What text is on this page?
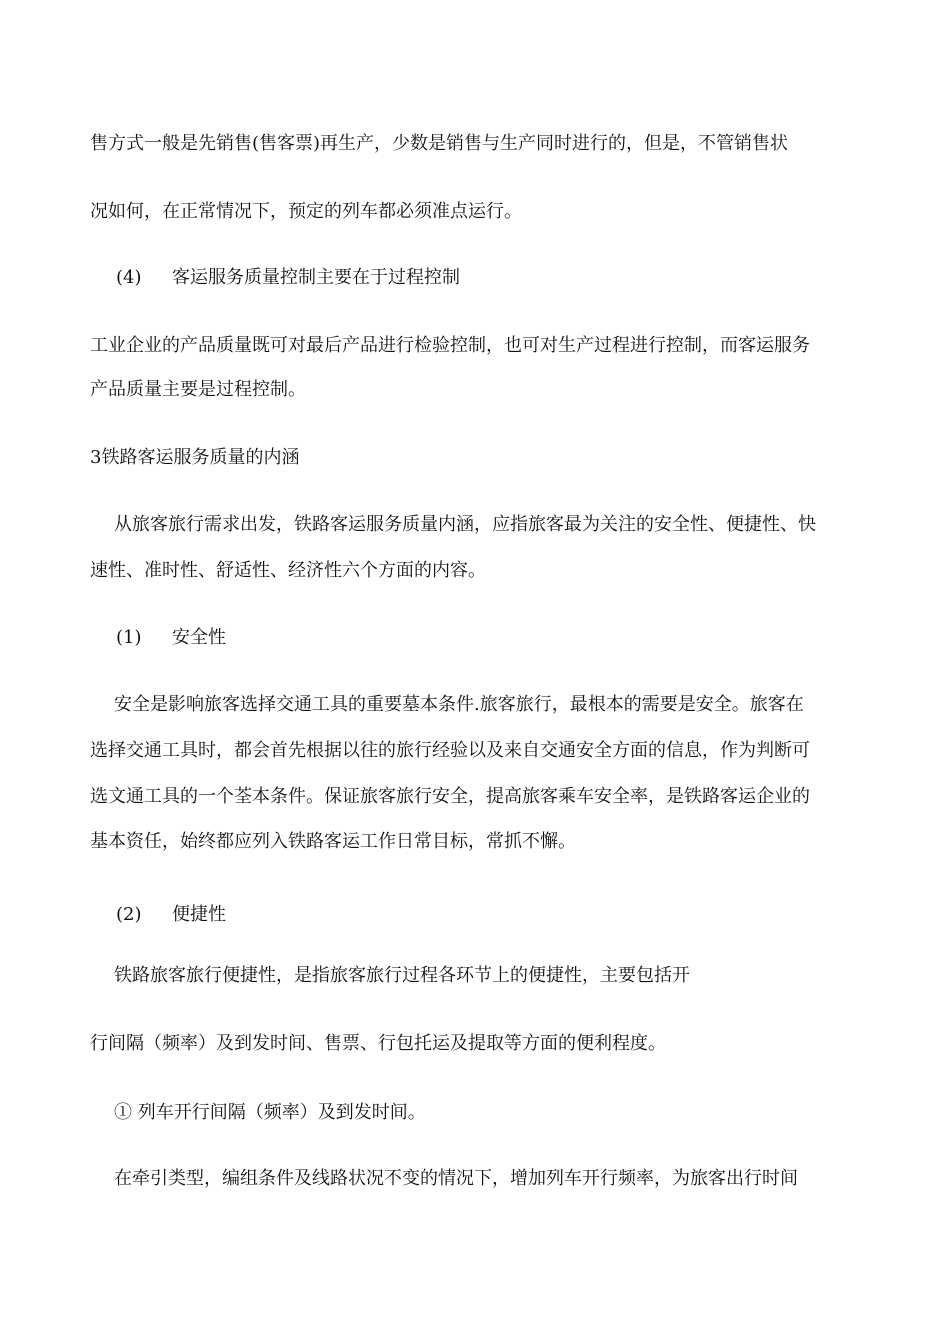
售方式一般是先销售(售客票)再生产，少数是销售与生产同时进行的，但是，不管销售状
况如何，在正常情况下，预定的列车都必须准点运行。
(4) 客运服务质量控制主要在于过程控制
工业企业的产品质量既可对最后产品进行检验控制，也可对生产过程进行控制，而客运服务
产品质量主要是过程控制。
3铁路客运服务质量的内涵
从旅客旅行需求出发，铁路客运服务质量内涵，应指旅客最为关注的安全性、便捷性、快
速性、准时性、舒适性、经济性六个方面的内容。
(1) 安全性
安全是影响旅客选择交通工具的重要墓本条件.旅客旅行，最根本的需要是安全。旅客在
选择交通工具时，都会首先根据以往的旅行经验以及来自交通安全方面的信息，作为判断可
选文通工具的一个荃本条件。保证旅客旅行安全，提高旅客乘车安全率，是铁路客运企业的
基本资任，始终都应列入铁路客运工作日常目标，常抓不懈。
(2) 便捷性
铁路旅客旅行便捷性，是指旅客旅行过程各环节上的便捷性，主要包括开
行间隔（频率）及到发时间、售票、行包托运及提取等方面的便利程度。
① 列车开行间隔（频率）及到发时间。
在牵引类型，编组条件及线路状况不变的情况下，增加列车开行频率，为旅客出行时间
